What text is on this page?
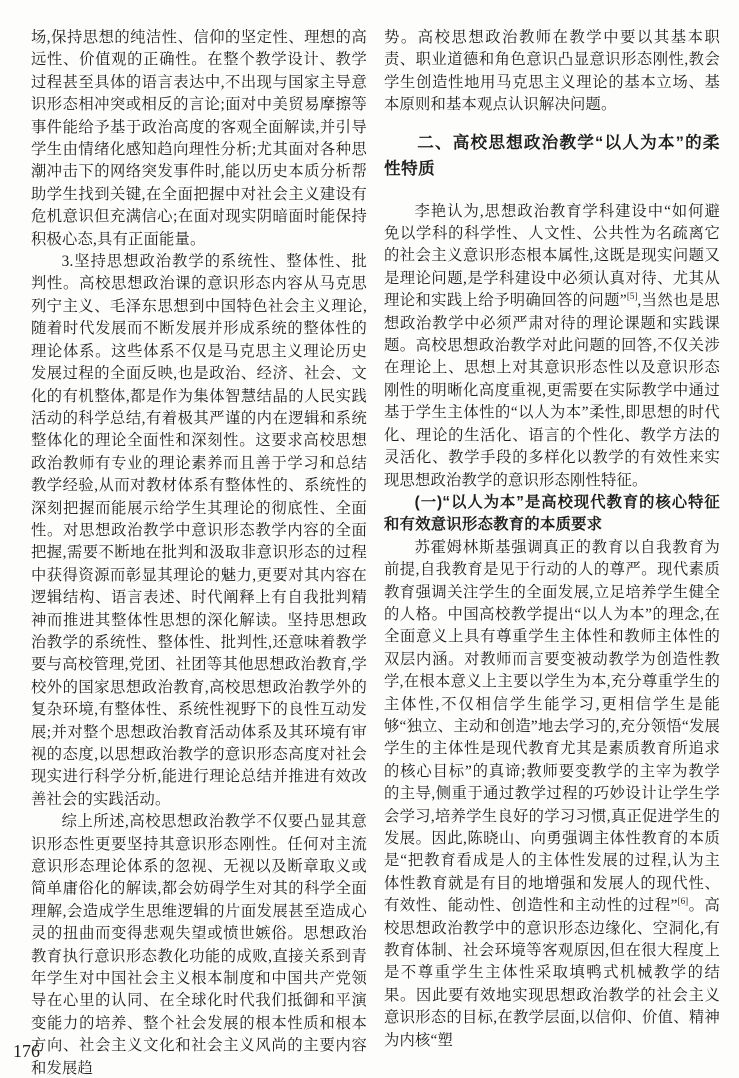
场,保持思想的纯洁性、信仰的坚定性、理想的高远性、价值观的正确性。在整个教学设计、教学过程甚至具体的语言表达中,不出现与国家主导意识形态相冲突或相反的言论;面对中美贸易摩擦等事件能给予基于政治高度的客观全面解读,并引导学生由情绪化感知趋向理性分析;尤其面对各种思潮冲击下的网络突发事件时,能以历史本质分析帮助学生找到关键,在全面把握中对社会主义建设有危机意识但充满信心;在面对现实阴暗面时能保持积极心态,具有正面能量。

3.坚持思想政治教学的系统性、整体性、批判性。高校思想政治课的意识形态内容从马克思列宁主义、毛泽东思想到中国特色社会主义理论,随着时代发展而不断发展并形成系统的整体性的理论体系。这些体系不仅是马克思主义理论历史发展过程的全面反映,也是政治、经济、社会、文化的有机整体,都是作为集体智慧结晶的人民实践活动的科学总结,有着极其严谨的内在逻辑和系统整体化的理论全面性和深刻性。这要求高校思想政治教师有专业的理论素养而且善于学习和总结教学经验,从而对教材体系有整体性的、系统性的深刻把握而能展示给学生其理论的彻底性、全面性。对思想政治教学中意识形态教学内容的全面把握,需要不断地在批判和汲取非意识形态的过程中获得资源而彰显其理论的魅力,更要对其内容在逻辑结构、语言表述、时代阐释上有自我批判精神而推进其整体性思想的深化解读。坚持思想政治教学的系统性、整体性、批判性,还意味着教学要与高校管理,党团、社团等其他思想政治教育,学校外的国家思想政治教育,高校思想政治教学外的复杂环境,有整体性、系统性视野下的良性互动发展;并对整个思想政治教育活动体系及其环境有审视的态度,以思想政治教学的意识形态高度对社会现实进行科学分析,能进行理论总结并推进有效改善社会的实践活动。

综上所述,高校思想政治教学不仅要凸显其意识形态性更要坚持其意识形态刚性。任何对主流意识形态理论体系的忽视、无视以及断章取义或简单庸俗化的解读,都会妨碍学生对其的科学全面理解,会造成学生思维逻辑的片面发展甚至造成心灵的扭曲而变得悲观失望或愤世嫉俗。思想政治教育执行意识形态教化功能的成败,直接关系到青年学生对中国社会主义根本制度和中国共产党领导在心里的认同、在全球化时代我们抵御和平演变能力的培养、整个社会发展的根本性质和根本方向、社会主义文化和社会主义风尚的主要内容和发展趋

势。高校思想政治教师在教学中要以其基本职责、职业道德和角色意识凸显意识形态刚性,教会学生创造性地用马克思主义理论的基本立场、基本原则和基本观点认识解决问题。

二、高校思想政治教学“以人为本”的柔性特质

李艳认为,思想政治教育学科建设中“如何避免以学科的科学性、人文性、公共性为名疏离它的社会主义意识形态根本属性,这既是现实问题又是理论问题,是学科建设中必须认真对待、尤其从理论和实践上给予明确回答的问题”[5],当然也是思想政治教学中必须严肃对待的理论课题和实践课题。高校思想政治教学对此问题的回答,不仅关涉在理论上、思想上对其意识形态性以及意识形态刚性的明晰化高度重视,更需要在实际教学中通过基于学生主体性的“以人为本”柔性,即思想的时代化、理论的生活化、语言的个性化、教学方法的灵活化、教学手段的多样化以教学的有效性来实现思想政治教学的意识形态刚性特征。

(一)“以人为本”是高校现代教育的核心特征和有效意识形态教育的本质要求

苏霍姆林斯基强调真正的教育以自我教育为前提,自我教育是见于行动的人的尊严。现代素质教育强调关注学生的全面发展,立足培养学生健全的人格。中国高校教学提出“以人为本”的理念,在全面意义上具有尊重学生主体性和教师主体性的双层内涵。对教师而言要变被动教学为创造性教学,在根本意义上主要以学生为本,充分尊重学生的主体性,不仅相信学生能学习,更相信学生是能够“独立、主动和创造”地去学习的,充分领悟“发展学生的主体性是现代教育尤其是素质教育所追求的核心目标”的真谛;教师要变教学的主宰为教学的主导,侧重于通过教学过程的巧妙设计让学生学会学习,培养学生良好的学习习惯,真正促进学生的发展。因此,陈晓山、向勇强调主体性教育的本质是“把教育看成是人的主体性发展的过程,认为主体性教育就是有目的地增强和发展人的现代性、有效性、能动性、创造性和主动性的过程”[6]。高校思想政治教学中的意识形态边缘化、空洞化,有教育体制、社会环境等客观原因,但在很大程度上是不尊重学生主体性采取填鸭式机械教学的结果。因此要有效地实现思想政治教学的社会主义意识形态的目标,在教学层面,以信仰、价值、精神为内核“塑

176
